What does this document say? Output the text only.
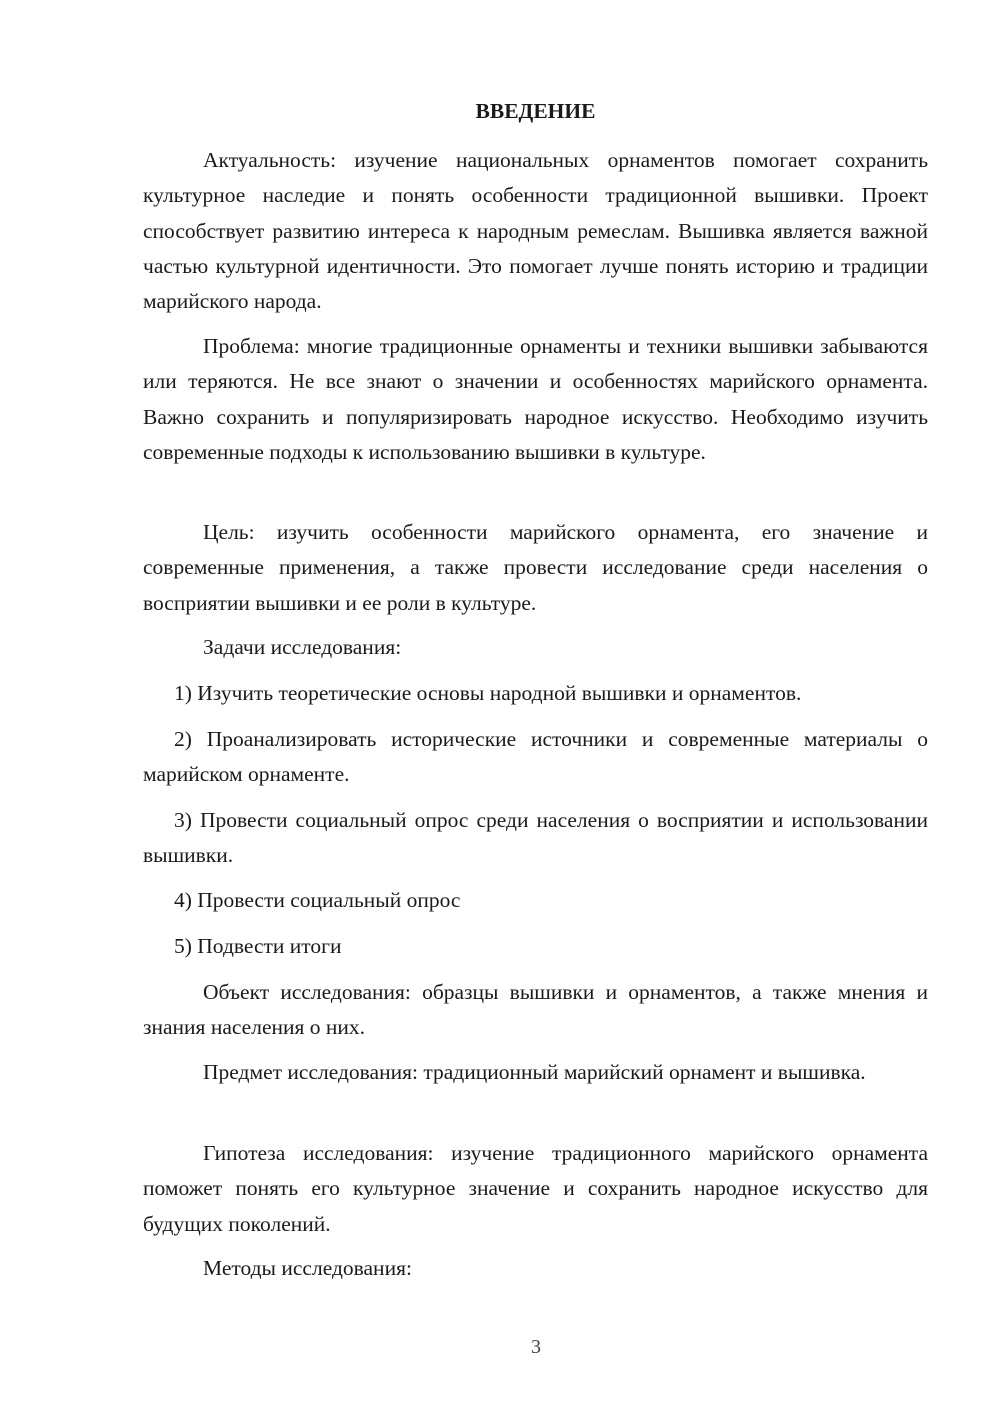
ВВЕДЕНИЕ

Актуальность: изучение национальных орнаментов помогает сохранить культурное наследие и понять особенности традиционной вышивки. Проект способствует развитию интереса к народным ремеслам. Вышивка является важной частью культурной идентичности. Это помогает лучше понять историю и традиции марийского народа.

Проблема: многие традиционные орнаменты и техники вышивки забываются или теряются. Не все знают о значении и особенностях марийского орнамента. Важно сохранить и популяризировать народное искусство. Необходимо изучить современные подходы к использованию вышивки в культуре.

Цель: изучить особенности марийского орнамента, его значение и современные применения, а также провести исследование среди населения о восприятии вышивки и ее роли в культуре.

Задачи исследования:

1) Изучить теоретические основы народной вышивки и орнаментов.

2) Проанализировать исторические источники и современные материалы о марийском орнаменте.

3) Провести социальный опрос среди населения о восприятии и использовании вышивки.

4) Провести социальный опрос

5) Подвести итоги

Объект исследования: образцы вышивки и орнаментов, а также мнения и знания населения о них.

Предмет исследования: традиционный марийский орнамент и вышивка.

Гипотеза исследования: изучение традиционного марийского орнамента поможет понять его культурное значение и сохранить народное искусство для будущих поколений.

Методы исследования:

3
